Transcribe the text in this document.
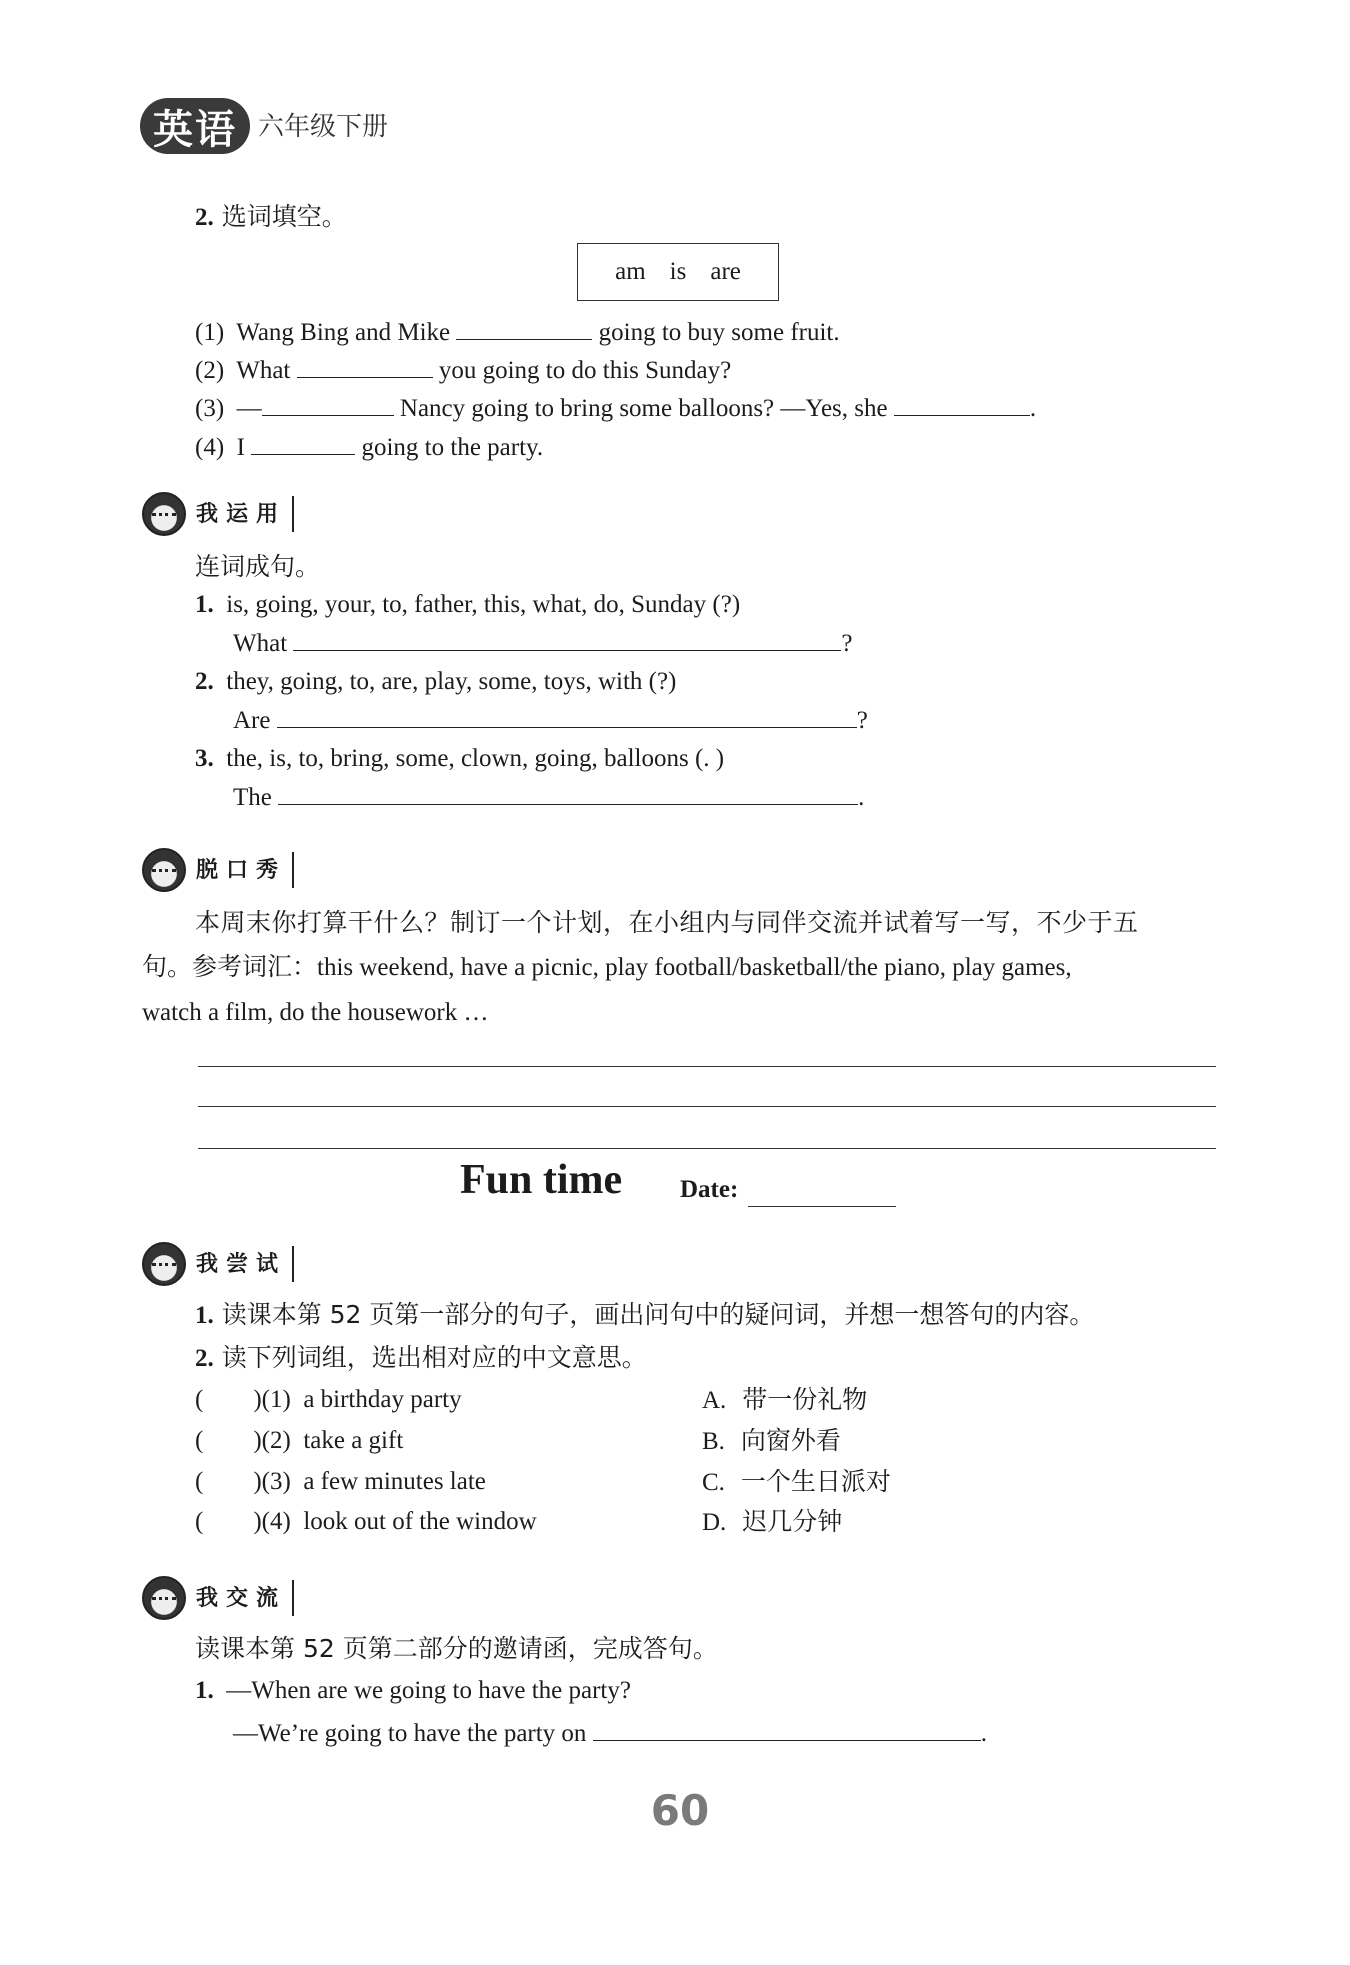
英语 六年级下册
2. 选词填空。
am is are
(1) Wang Bing and Mike	going to buy some fruit.
(2) What	you going to do this Sunday?
(3) —	Nancy going to bring some balloons? —Yes, she	.
(4) I	going to the party.
我运用
连词成句。
1. is, going, your, to, father, this, what, do, Sunday (?)
What	?
2. they, going, to, are, play, some, toys, with (?)
Are	?
3. the, is, to, bring, some, clown, going, balloons (. )
The	.
脱口秀
本周末你打算干什么？制订一个计划，在小组内与同伴交流并试着写一写，不少于五
句。参考词汇：this weekend, have a picnic, play football/basketball/the piano, play games,
watch a film, do the housework …
Fun time Date:
我尝试
1. 读课本第 52 页第一部分的句子，画出问句中的疑问词，并想一想答句的内容。
2. 读下列词组，选出相对应的中文意思。
( )(1) a birthday party	A. 带一份礼物
( )(2) take a gift	B. 向窗外看
( )(3) a few minutes late	C. 一个生日派对
( )(4) look out of the window	D. 迟几分钟
我交流
读课本第 52 页第二部分的邀请函，完成答句。
1. —When are we going to have the party?
—We’re going to have the party on	.
60
